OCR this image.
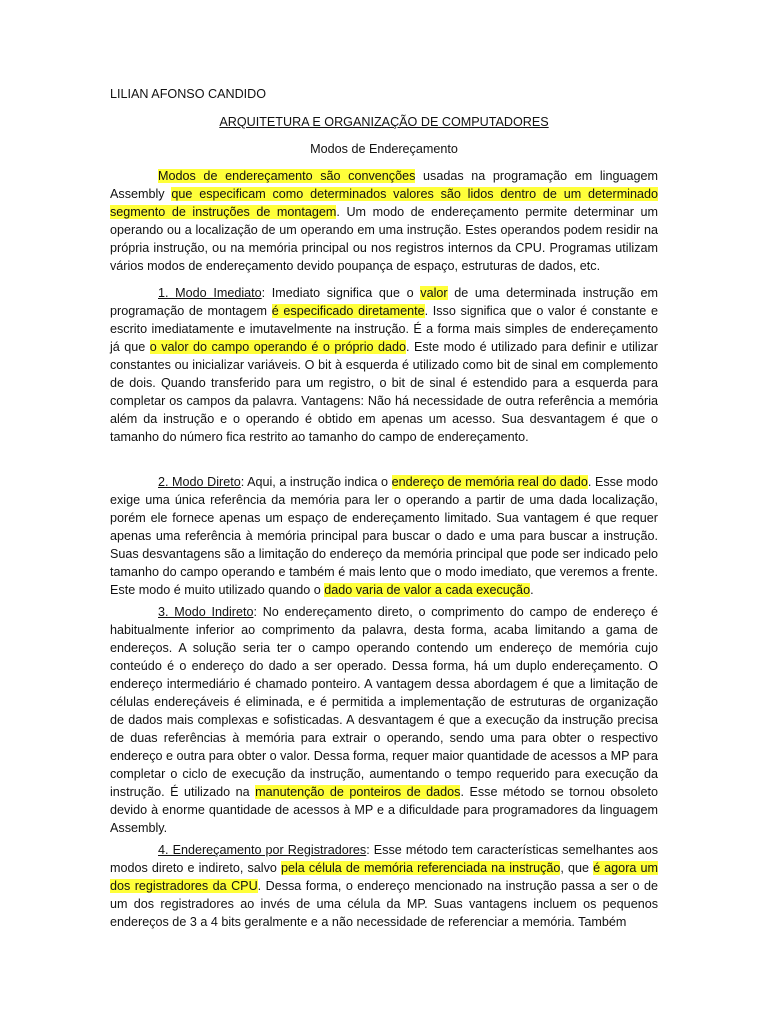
LILIAN AFONSO CANDIDO
ARQUITETURA E ORGANIZAÇÃO DE COMPUTADORES
Modos de Endereçamento

Modos de endereçamento são convenções usadas na programação em linguagem Assembly que especificam como determinados valores são lidos dentro de um determinado segmento de instruções de montagem. Um modo de endereçamento permite determinar um operando ou a localização de um operando em uma instrução. Estes operandos podem residir na própria instrução, ou na memória principal ou nos registros internos da CPU. Programas utilizam vários modos de endereçamento devido poupança de espaço, estruturas de dados, etc.

1. Modo Imediato: Imediato significa que o valor de uma determinada instrução em programação de montagem é especificado diretamente. Isso significa que o valor é constante e escrito imediatamente e imutavelmente na instrução. É a forma mais simples de endereçamento já que o valor do campo operando é o próprio dado. Este modo é utilizado para definir e utilizar constantes ou inicializar variáveis. O bit à esquerda é utilizado como bit de sinal em complemento de dois. Quando transferido para um registro, o bit de sinal é estendido para a esquerda para completar os campos da palavra. Vantagens: Não há necessidade de outra referência a memória além da instrução e o operando é obtido em apenas um acesso. Sua desvantagem é que o tamanho do número fica restrito ao tamanho do campo de endereçamento.

2. Modo Direto: Aqui, a instrução indica o endereço de memória real do dado. Esse modo exige uma única referência da memória para ler o operando a partir de uma dada localização, porém ele fornece apenas um espaço de endereçamento limitado. Sua vantagem é que requer apenas uma referência à memória principal para buscar o dado e uma para buscar a instrução. Suas desvantagens são a limitação do endereço da memória principal que pode ser indicado pelo tamanho do campo operando e também é mais lento que o modo imediato, que veremos a frente. Este modo é muito utilizado quando o dado varia de valor a cada execução.

3. Modo Indireto: No endereçamento direto, o comprimento do campo de endereço é habitualmente inferior ao comprimento da palavra, desta forma, acaba limitando a gama de endereços. A solução seria ter o campo operando contendo um endereço de memória cujo conteúdo é o endereço do dado a ser operado. Dessa forma, há um duplo endereçamento. O endereço intermediário é chamado ponteiro. A vantagem dessa abordagem é que a limitação de células endereçáveis é eliminada, e é permitida a implementação de estruturas de organização de dados mais complexas e sofisticadas. A desvantagem é que a execução da instrução precisa de duas referências à memória para extrair o operando, sendo uma para obter o respectivo endereço e outra para obter o valor. Dessa forma, requer maior quantidade de acessos a MP para completar o ciclo de execução da instrução, aumentando o tempo requerido para execução da instrução. É utilizado na manutenção de ponteiros de dados. Esse método se tornou obsoleto devido à enorme quantidade de acessos à MP e a dificuldade para programadores da linguagem Assembly.

4. Endereçamento por Registradores: Esse método tem características semelhantes aos modos direto e indireto, salvo pela célula de memória referenciada na instrução, que é agora um dos registradores da CPU. Dessa forma, o endereço mencionado na instrução passa a ser o de um dos registradores ao invés de uma célula da MP. Suas vantagens incluem os pequenos endereços de 3 a 4 bits geralmente e a não necessidade de referenciar a memória. Também
